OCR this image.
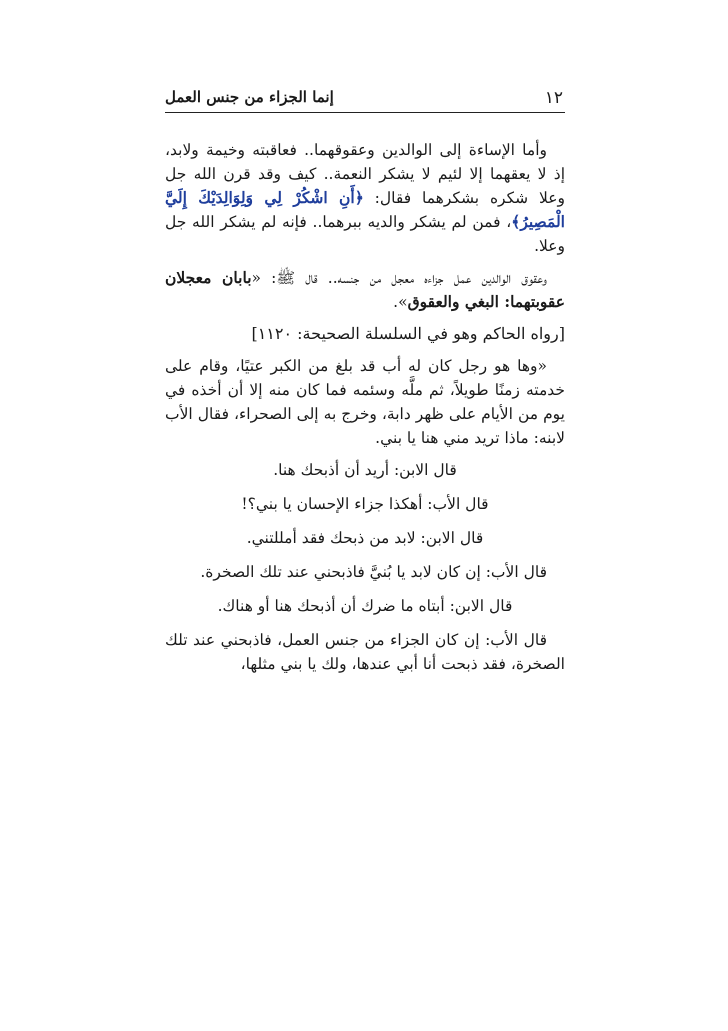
١٢
إنما الجزاء من جنس العمل

وأما الإساءة إلى الوالدين وعقوقهما.. فعاقبته وخيمة ولابد، إذ لا يعقهما إلا لئيم لا يشكر النعمة.. كيف وقد قرن الله جل وعلا شكره بشكرهما فقال: ﴿أَنِ اشْكُرْ لِي وَلِوَالِدَيْكَ إِلَيَّ الْمَصِيرُ﴾، فمن لم يشكر والديه ببرهما.. فإنه لم يشكر الله جل وعلا.

وعقوق الوالدين عمل جزاءه معجل من جنسه.. قال ﷺ: «بابان معجلان عقوبتهما: البغي والعقوق».

[رواه الحاكم وهو في السلسلة الصحيحة: ١١٢٠]

«وها هو رجل كان له أب قد بلغ من الكبر عتيًا، وقام على خدمته زمنًا طويلاً، ثم ملَّه وسئمه فما كان منه إلا أن أخذه في يوم من الأيام على ظهر دابة، وخرج به إلى الصحراء، فقال الأب لابنه: ماذا تريد مني هنا يا بني.

قال الابن: أريد أن أذبحك هنا.

قال الأب: أهكذا جزاء الإحسان يا بني؟!

قال الابن: لابد من ذبحك فقد أمللتني.

قال الأب: إن كان لابد يا بُنيَّ فاذبحني عند تلك الصخرة.

قال الابن: أبتاه ما ضرك أن أذبحك هنا أو هناك.

قال الأب: إن كان الجزاء من جنس العمل، فاذبحني عند تلك الصخرة، فقد ذبحت أنا أبي عندها، ولك يا بني مثلها،
